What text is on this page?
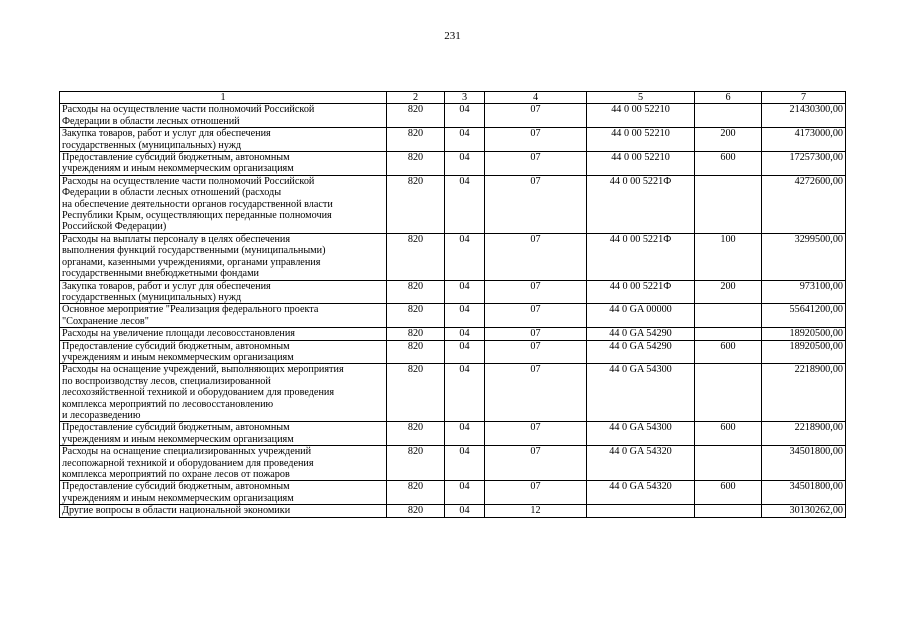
231
1	2	3	4	5	6	7
Расходы на осуществление части полномочий Российской
Федерации в области лесных отношений	820	04	07	44 0 00 52210		21430300,00
Закупка товаров, работ и услуг для обеспечения
государственных (муниципальных) нужд	820	04	07	44 0 00 52210	200	4173000,00
Предоставление субсидий бюджетным, автономным
учреждениям и иным некоммерческим организациям	820	04	07	44 0 00 52210	600	17257300,00
Расходы на осуществление части полномочий Российской
Федерации в области лесных отношений (расходы
на обеспечение деятельности органов государственной власти
Республики Крым, осуществляющих переданные полномочия
Российской Федерации)	820	04	07	44 0 00 5221Ф		4272600,00
Расходы на выплаты персоналу в целях обеспечения
выполнения функций государственными (муниципальными)
органами, казенными учреждениями, органами управления
государственными внебюджетными фондами	820	04	07	44 0 00 5221Ф	100	3299500,00
Закупка товаров, работ и услуг для обеспечения
государственных (муниципальных) нужд	820	04	07	44 0 00 5221Ф	200	973100,00
Основное мероприятие "Реализация федерального проекта
"Сохранение лесов"	820	04	07	44 0 GA 00000		55641200,00
Расходы на увеличение площади лесовосстановления	820	04	07	44 0 GA 54290		18920500,00
Предоставление субсидий бюджетным, автономным
учреждениям и иным некоммерческим организациям	820	04	07	44 0 GA 54290	600	18920500,00
Расходы на оснащение учреждений, выполняющих мероприятия
по воспроизводству лесов, специализированной
лесохозяйственной техникой и оборудованием для проведения
комплекса мероприятий по лесовосстановлению
и лесоразведению	820	04	07	44 0 GA 54300		2218900,00
Предоставление субсидий бюджетным, автономным
учреждениям и иным некоммерческим организациям	820	04	07	44 0 GA 54300	600	2218900,00
Расходы на оснащение специализированных учреждений
лесопожарной техникой и оборудованием для проведения
комплекса мероприятий по охране лесов от пожаров	820	04	07	44 0 GA 54320		34501800,00
Предоставление субсидий бюджетным, автономным
учреждениям и иным некоммерческим организациям	820	04	07	44 0 GA 54320	600	34501800,00
Другие вопросы в области национальной экономики	820	04	12			30130262,00
